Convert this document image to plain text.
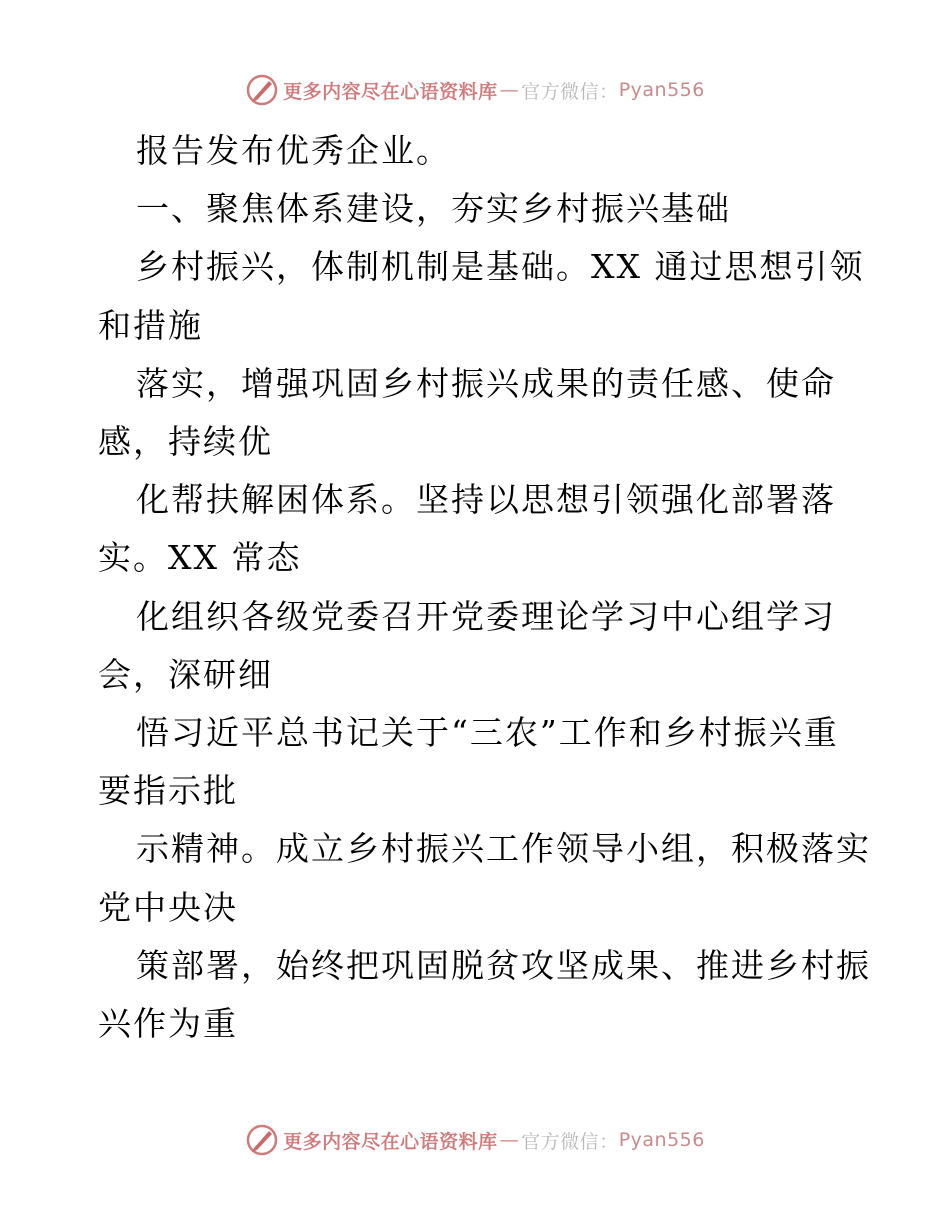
更多内容尽在心语资料库 — 官方微信： Pyan556
报告发布优秀企业。
一、聚焦体系建设，夯实乡村振兴基础
乡村振兴，体制机制是基础。XX 通过思想引领
和措施
落实，增强巩固乡村振兴成果的责任感、使命
感，持续优
化帮扶解困体系。坚持以思想引领强化部署落
实。XX 常态
化组织各级党委召开党委理论学习中心组学习
会，深研细
悟习近平总书记关于“三农”工作和乡村振兴重
要指示批
示精神。成立乡村振兴工作领导小组，积极落实
党中央决
策部署，始终把巩固脱贫攻坚成果、推进乡村振
兴作为重
更多内容尽在心语资料库 — 官方微信： Pyan556
